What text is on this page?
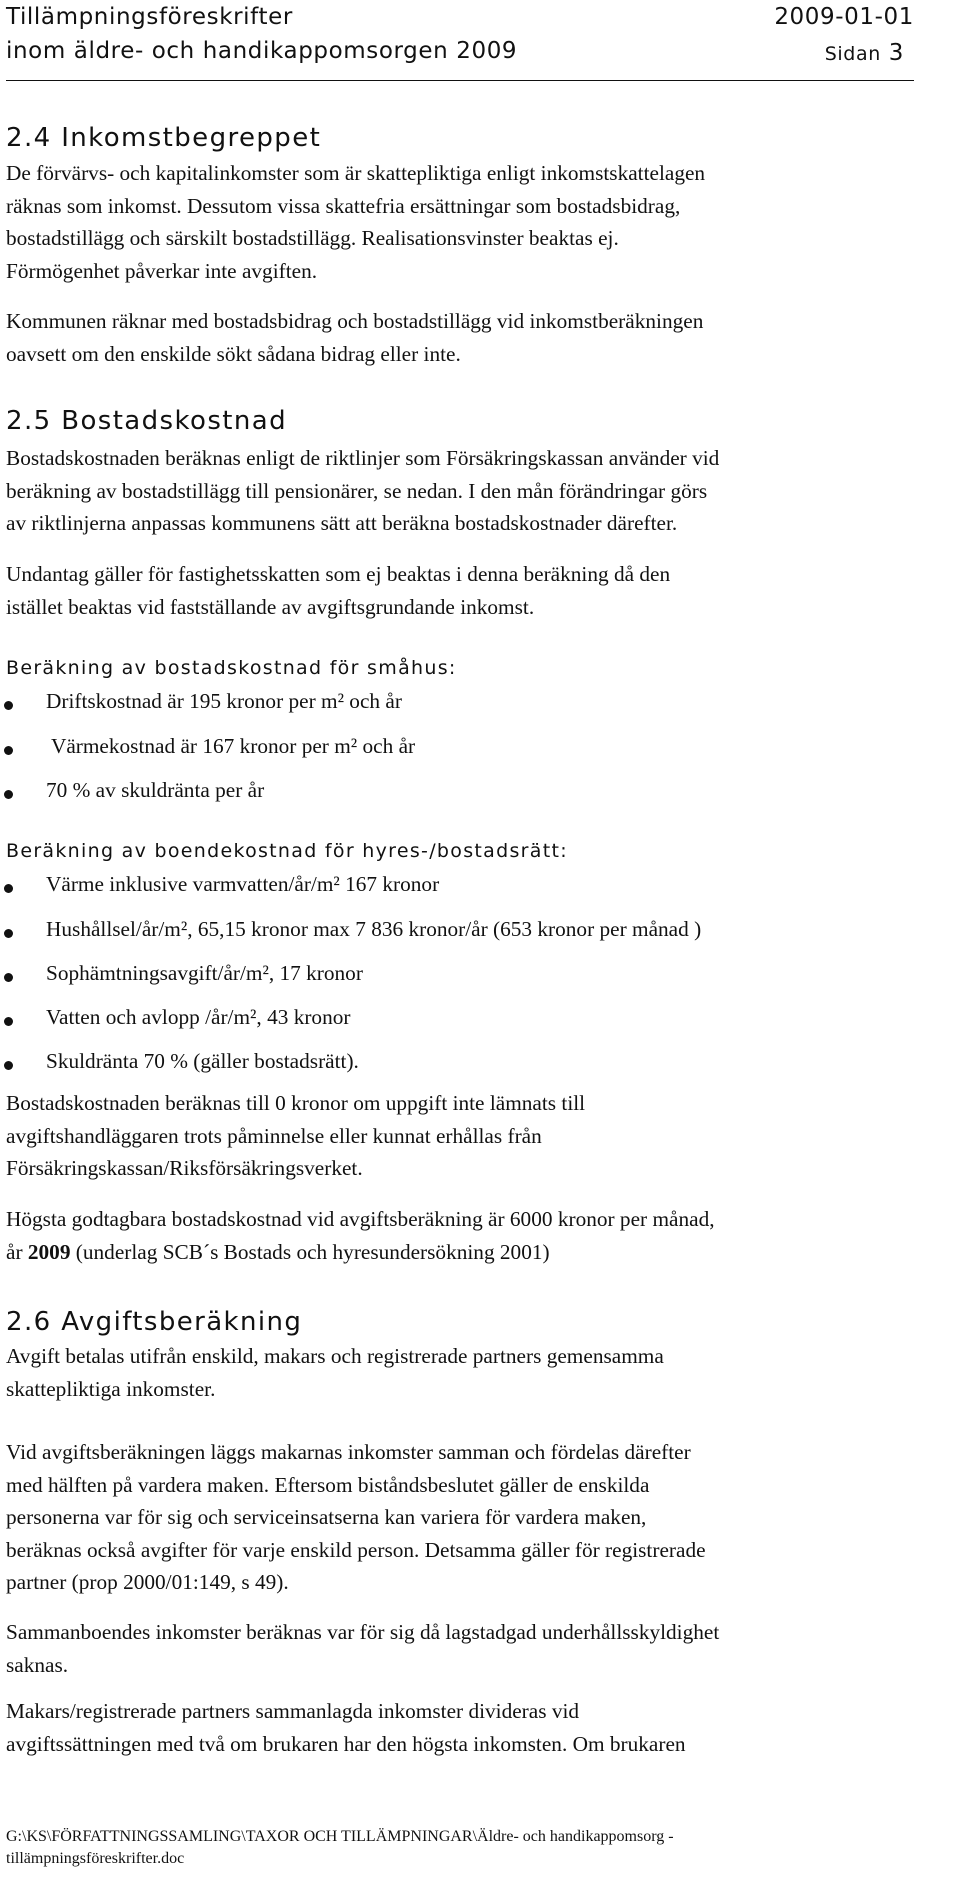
Tillämpningsföreskrifter	2009-01-01
inom äldre- och handikappomsorgen 2009	Sidan 3
2.4 Inkomstbegreppet
De förvärvs- och kapitalinkomster som är skattepliktiga enligt inkomstskattelagen
räknas som inkomst. Dessutom vissa skattefria ersättningar som bostadsbidrag,
bostadstillägg och särskilt bostadstillägg. Realisationsvinster beaktas ej.
Förmögenhet påverkar inte avgiften.
Kommunen räknar med bostadsbidrag och bostadstillägg vid inkomstberäkningen
oavsett om den enskilde sökt sådana bidrag eller inte.
2.5 Bostadskostnad
Bostadskostnaden beräknas enligt de riktlinjer som Försäkringskassan använder vid
beräkning av bostadstillägg till pensionärer, se nedan. I den mån förändringar görs
av riktlinjerna anpassas kommunens sätt att beräkna bostadskostnader därefter.
Undantag gäller för fastighetsskatten som ej beaktas i denna beräkning då den
istället beaktas vid fastställande av avgiftsgrundande inkomst.
Beräkning av bostadskostnad för småhus:
Driftskostnad är 195 kronor per m² och år
Värmekostnad är 167 kronor per m² och år
70 % av skuldränta per år
Beräkning av boendekostnad för hyres-/bostadsrätt:
Värme inklusive varmvatten/år/m² 167 kronor
Hushållsel/år/m², 65,15 kronor max 7 836 kronor/år (653 kronor per månad )
Sophämtningsavgift/år/m², 17 kronor
Vatten och avlopp /år/m², 43 kronor
Skuldränta 70 % (gäller bostadsrätt).
Bostadskostnaden beräknas till 0 kronor om uppgift inte lämnats till
avgiftshandläggaren trots påminnelse eller kunnat erhållas från
Försäkringskassan/Riksförsäkringsverket.
Högsta godtagbara bostadskostnad vid avgiftsberäkning är 6000 kronor per månad,
år 2009 (underlag SCB´s Bostads och hyresundersökning 2001)
2.6 Avgiftsberäkning
Avgift betalas utifrån enskild, makars och registrerade partners gemensamma
skattepliktiga inkomster.
Vid avgiftsberäkningen läggs makarnas inkomster samman och fördelas därefter
med hälften på vardera maken. Eftersom biståndsbeslutet gäller de enskilda
personerna var för sig och serviceinsatserna kan variera för vardera maken,
beräknas också avgifter för varje enskild person. Detsamma gäller för registrerade
partner (prop 2000/01:149, s 49).
Sammanboendes inkomster beräknas var för sig då lagstadgad underhållsskyldighet
saknas.
Makars/registrerade partners sammanlagda inkomster divideras vid
avgiftssättningen med två om brukaren har den högsta inkomsten. Om brukaren
G:\KS\FÖRFATTNINGSSAMLING\TAXOR OCH TILLÄMPNINGAR\Äldre- och handikappomsorg -
tillämpningsföreskrifter.doc
